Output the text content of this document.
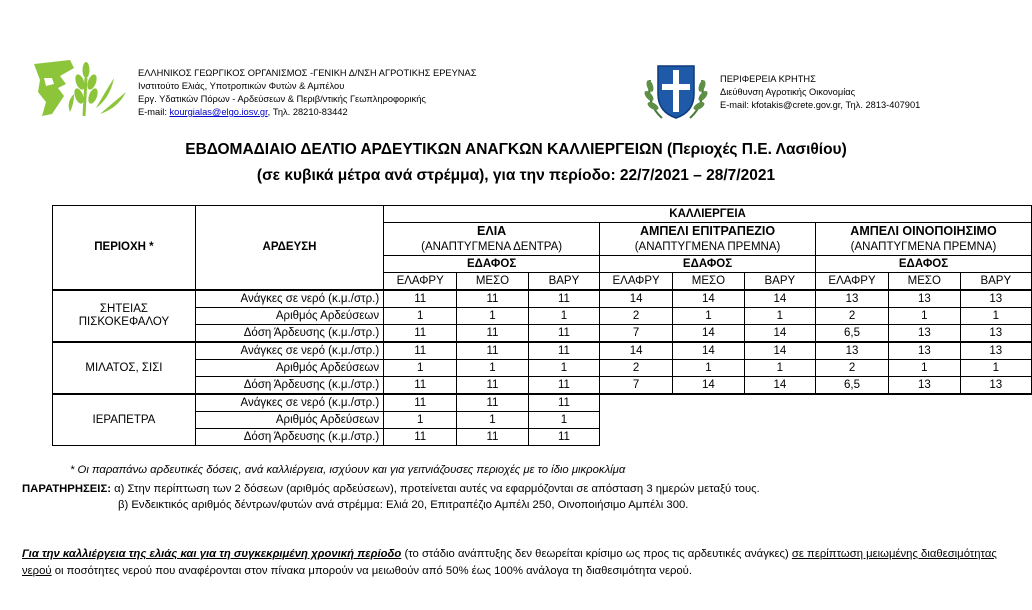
ΕΛΛΗΝΙΚΟΣ ΓΕΩΡΓΙΚΟΣ ΟΡΓΑΝΙΣΜΟΣ -ΓΕΝΙΚΗ Δ/ΝΣΗ ΑΓΡΟΤΙΚΗΣ ΕΡΕΥΝΑΣ
Ινστιτούτο Ελιάς, Υποτροπικών Φυτών & Αμπέλου
Εργ. Υδατικών Πόρων - Αρδεύσεων & Περιβ/ντικής Γεωπληροφορικής
E-mail: kourgialas@elgo.iosv.gr, Τηλ. 28210-83442
ΠΕΡΙΦΕΡΕΙΑ ΚΡΗΤΗΣ
Διεύθυνση Αγροτικής Οικονομίας
E-mail: kfotakis@crete.gov.gr, Τηλ. 2813-407901
ΕΒΔΟΜΑΔΙΑΙΟ ΔΕΛΤΙΟ ΑΡΔΕΥΤΙΚΩΝ ΑΝΑΓΚΩΝ ΚΑΛΛΙΕΡΓΕΙΩΝ (Περιοχές Π.Ε. Λασιθίου)
(σε κυβικά μέτρα ανά στρέμμα), για την περίοδο: 22/7/2021 – 28/7/2021
ΠΕΡΙΟΧΗ *	ΑΡΔΕΥΣΗ	ΚΑΛΛΙΕΡΓΕΙΑ								
		ΕΛΙΑ			ΑΜΠΕΛΙ ΕΠΙΤΡΑΠΕΖΙΟ			ΑΜΠΕΛΙ ΟΙΝΟΠΟΙΗΣΙΜΟ		
		(ΑΝΑΠΤΥΓΜΕΝΑ ΔΕΝΤΡΑ)			(ΑΝΑΠΤΥΓΜΕΝΑ ΠΡΕΜΝΑ)			(ΑΝΑΠΤΥΓΜΕΝΑ ΠΡΕΜΝΑ)		
		ΕΔΑΦΟΣ			ΕΔΑΦΟΣ			ΕΔΑΦΟΣ		
		ΕΛΑΦΡΥ	ΜΕΣΟ	ΒΑΡΥ	ΕΛΑΦΡΥ	ΜΕΣΟ	ΒΑΡΥ	ΕΛΑΦΡΥ	ΜΕΣΟ	ΒΑΡΥ
ΣΗΤΕΙΑΣ
ΠΙΣΚΟΚΕΦΑΛΟΥ	Ανάγκες σε νερό (κ.μ./στρ.)	11	11	11	14	14	14	13	13	13
	Αριθμός Αρδεύσεων	1	1	1	2	1	1	2	1	1
	Δόση Άρδευσης (κ.μ./στρ.)	11	11	11	7	14	14	6,5	13	13
ΜΙΛΑΤΟΣ, ΣΙΣΙ	Ανάγκες σε νερό (κ.μ./στρ.)	11	11	11	14	14	14	13	13	13
	Αριθμός Αρδεύσεων	1	1	1	2	1	1	2	1	1
	Δόση Άρδευσης (κ.μ./στρ.)	11	11	11	7	14	14	6,5	13	13
ΙΕΡΑΠΕΤΡΑ	Ανάγκες σε νερό (κ.μ./στρ.)	11	11	11						
	Αριθμός Αρδεύσεων	1	1	1						
	Δόση Άρδευσης (κ.μ./στρ.)	11	11	11						
* Οι παραπάνω αρδευτικές δόσεις, ανά καλλιέργεια, ισχύουν και για γειτνιάζουσες περιοχές με το ίδιο μικροκλίμα
ΠΑΡΑΤΗΡΗΣΕΙΣ: α) Στην περίπτωση των 2 δόσεων (αριθμός αρδεύσεων), προτείνεται αυτές να εφαρμόζονται σε απόσταση 3 ημερών μεταξύ τους.
β) Ενδεικτικός αριθμός δέντρων/φυτών ανά στρέμμα: Ελιά 20, Επιτραπέζιο Αμπέλι 250, Οινοποιήσιμο Αμπέλι 300.
Για την καλλιέργεια της ελιάς και για τη συγκεκριμένη χρονική περίοδο (το στάδιο ανάπτυξης δεν θεωρείται κρίσιμο ως προς τις αρδευτικές ανάγκες) σε περίπτωση μειωμένης διαθεσιμότητας νερού οι ποσότητες νερού που αναφέρονται στον πίνακα μπορούν να μειωθούν από 50% έως 100% ανάλογα τη διαθεσιμότητα νερού.
